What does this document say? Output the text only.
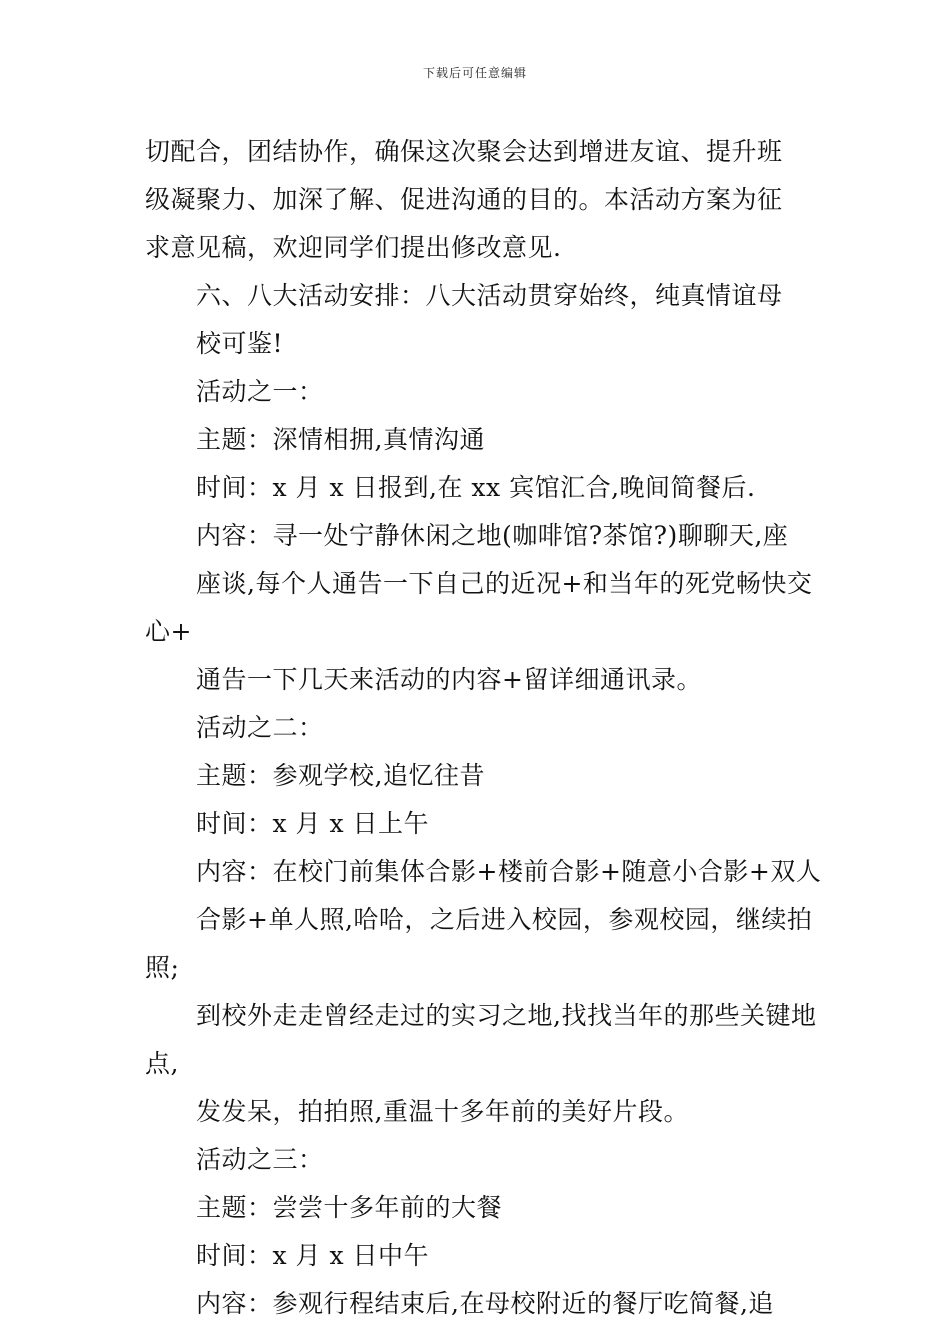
下载后可任意编辑

切配合，团结协作，确保这次聚会达到增进友谊、提升班
级凝聚力、加深了解、促进沟通的目的。本活动方案为征
求意见稿，欢迎同学们提出修改意见.

六、八大活动安排：八大活动贯穿始终，纯真情谊母
校可鉴!

活动之一：

主题：深情相拥,真情沟通

时间：x 月 x 日报到,在 xx 宾馆汇合,晚间简餐后.

内容：寻一处宁静休闲之地(咖啡馆?茶馆?)聊聊天,座
座谈,每个人通告一下自己的近况+和当年的死党畅快交心+
通告一下几天来活动的内容+留详细通讯录。

活动之二：

主题：参观学校,追忆往昔

时间：x 月 x 日上午

内容：在校门前集体合影+楼前合影+随意小合影+双人
合影+单人照,哈哈，之后进入校园，参观校园，继续拍照;
到校外走走曾经走过的实习之地,找找当年的那些关键地点,
发发呆，拍拍照,重温十多年前的美好片段。

活动之三：

主题：尝尝十多年前的大餐

时间：x 月 x 日中午

内容：参观行程结束后,在母校附近的餐厅吃简餐,追
